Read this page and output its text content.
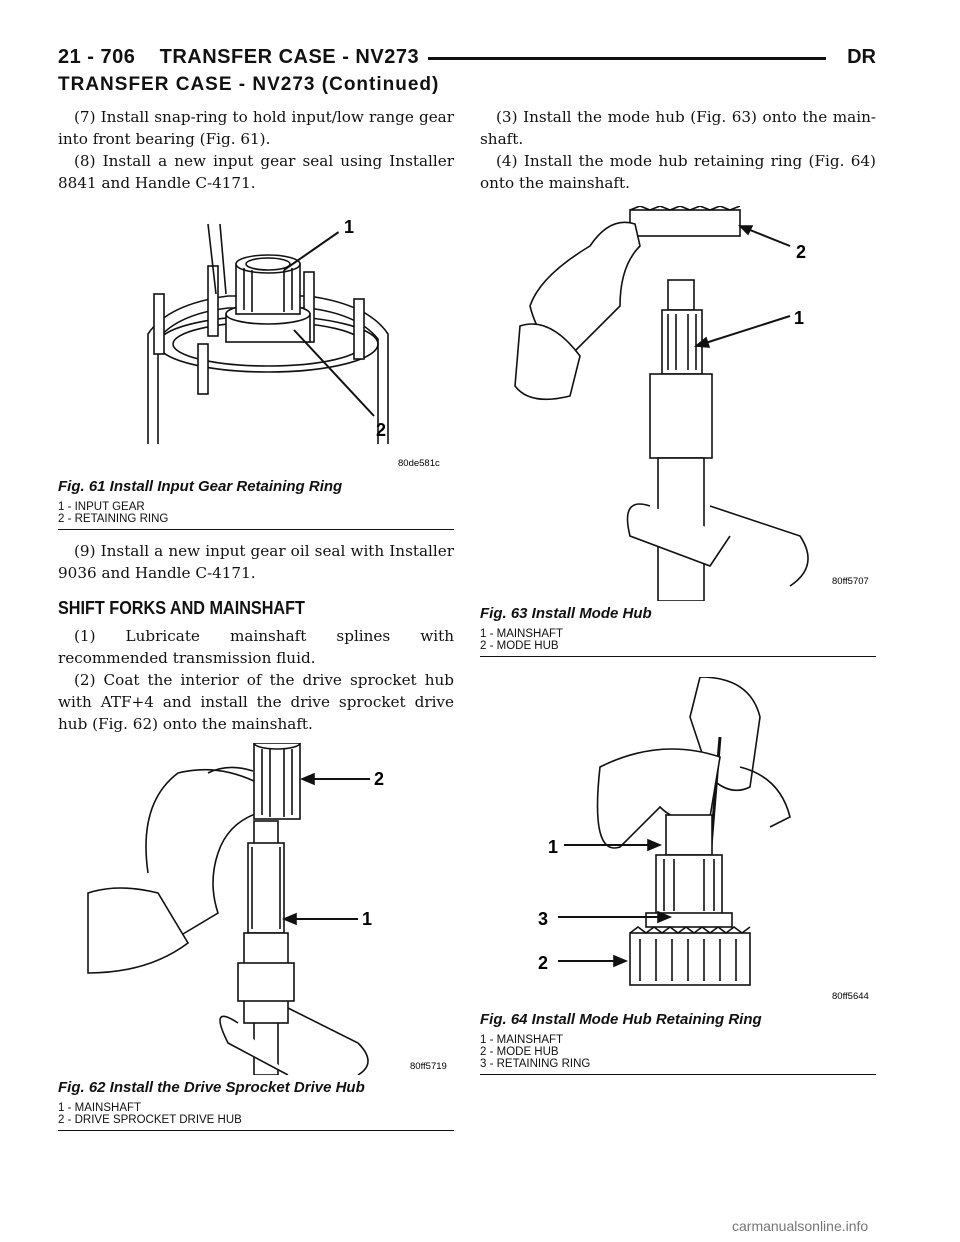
21 - 706 TRANSFER CASE - NV273	DR
TRANSFER CASE - NV273 (Continued)

(7) Install snap-ring to hold input/low range gear into front bearing (Fig. 61).

(8) Install a new input gear seal using Installer 8841 and Handle C-4171.

1
2
80de581c
Fig. 61 Install Input Gear Retaining Ring
1 - INPUT GEAR
2 - RETAINING RING

(9) Install a new input gear oil seal with Installer 9036 and Handle C-4171.

SHIFT FORKS AND MAINSHAFT

(1) Lubricate mainshaft splines with recommended transmission fluid.

(2) Coat the interior of the drive sprocket hub with ATF+4 and install the drive sprocket drive hub (Fig. 62) onto the mainshaft.

2
1
80ff5719
Fig. 62 Install the Drive Sprocket Drive Hub
1 - MAINSHAFT
2 - DRIVE SPROCKET DRIVE HUB

(3) Install the mode hub (Fig. 63) onto the main- shaft.

(4) Install the mode hub retaining ring (Fig. 64) onto the mainshaft.

2
1
80ff5707
Fig. 63 Install Mode Hub
1 - MAINSHAFT
2 - MODE HUB
1
3
2
80ff5644
Fig. 64 Install Mode Hub Retaining Ring
1 - MAINSHAFT
2 - MODE HUB
3 - RETAINING RING
carmanualsonline.info
